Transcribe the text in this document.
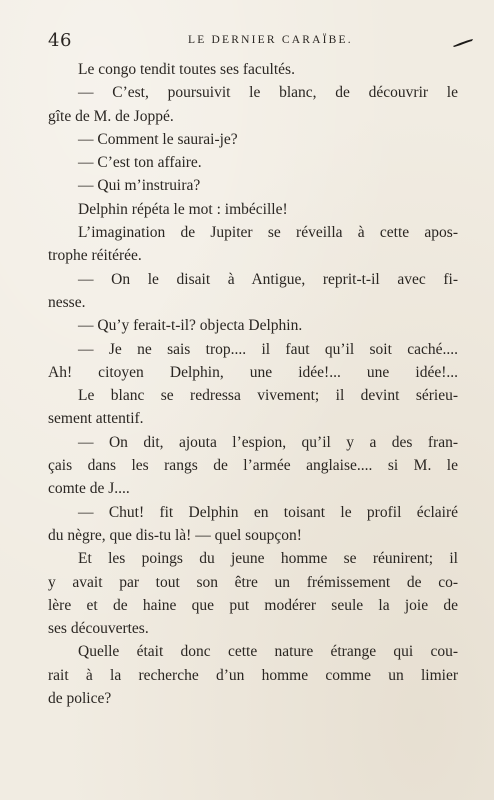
46	LE DERNIER CARAÏBE.
Le congo tendit toutes ses facultés.
— C’est, poursuivit le blanc, de découvrir le
gîte de M. de Joppé.
— Comment le saurai-je?
— C’est ton affaire.
— Qui m’instruira?
Delphin répéta le mot : imbécille!
L’imagination de Jupiter se réveilla à cette apos-
trophe réitérée.
— On le disait à Antigue, reprit-t-il avec fi-
nesse.
— Qu’y ferait-t-il? objecta Delphin.
— Je ne sais trop.... il faut qu’il soit caché....
Ah! citoyen Delphin, une idée!... une idée!...
Le blanc se redressa vivement; il devint sérieu-
sement attentif.
— On dit, ajouta l’espion, qu’il y a des fran-
çais dans les rangs de l’armée anglaise.... si M. le
comte de J....
— Chut! fit Delphin en toisant le profil éclairé
du nègre, que dis-tu là! — quel soupçon!
Et les poings du jeune homme se réunirent; il
y avait par tout son être un frémissement de co-
lère et de haine que put modérer seule la joie de
ses découvertes.
Quelle était donc cette nature étrange qui cou-
rait à la recherche d’un homme comme un limier
de police?
